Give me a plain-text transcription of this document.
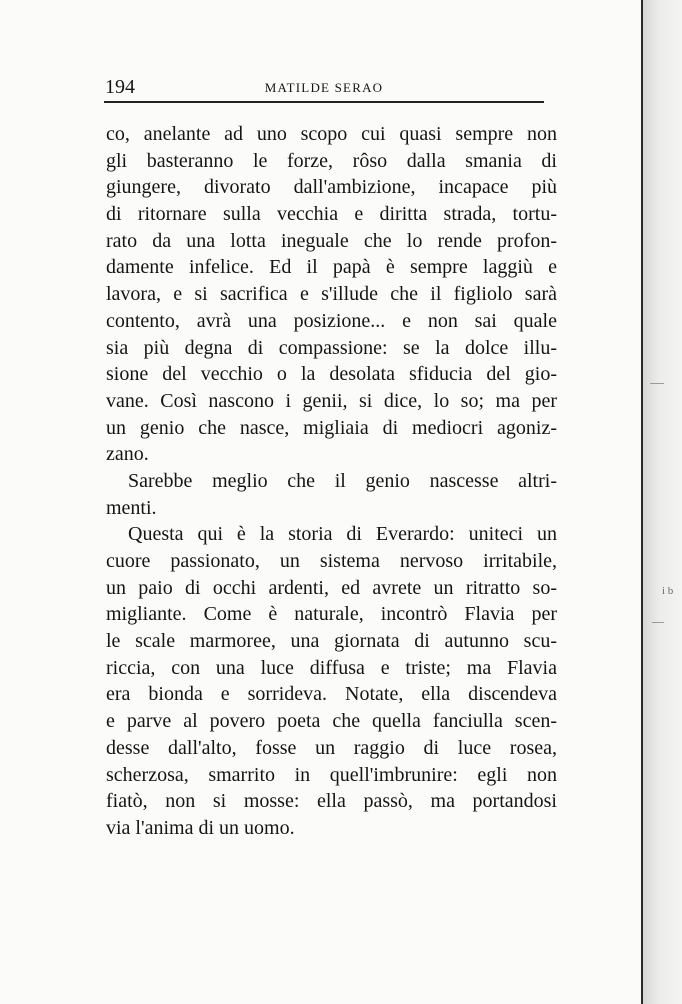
i b
194	MATILDE SERAO
co, anelante ad uno scopo cui quasi sempre non
gli basteranno le forze, rôso dalla smania di
giungere, divorato dall'ambizione, incapace più
di ritornare sulla vecchia e diritta strada, tortu-
rato da una lotta ineguale che lo rende profon-
damente infelice. Ed il papà è sempre laggiù e
lavora, e si sacrifica e s'illude che il figliolo sarà
contento, avrà una posizione... e non sai quale
sia più degna di compassione: se la dolce illu-
sione del vecchio o la desolata sfiducia del gio-
vane. Così nascono i genii, si dice, lo so; ma per
un genio che nasce, migliaia di mediocri agoniz-
zano.
Sarebbe meglio che il genio nascesse altri-
menti.
Questa qui è la storia di Everardo: uniteci un
cuore passionato, un sistema nervoso irritabile,
un paio di occhi ardenti, ed avrete un ritratto so-
migliante. Come è naturale, incontrò Flavia per
le scale marmoree, una giornata di autunno scu-
riccia, con una luce diffusa e triste; ma Flavia
era bionda e sorrideva. Notate, ella discendeva
e parve al povero poeta che quella fanciulla scen-
desse dall'alto, fosse un raggio di luce rosea,
scherzosa, smarrito in quell'imbrunire: egli non
fiatò, non si mosse: ella passò, ma portandosi
via l'anima di un uomo.
